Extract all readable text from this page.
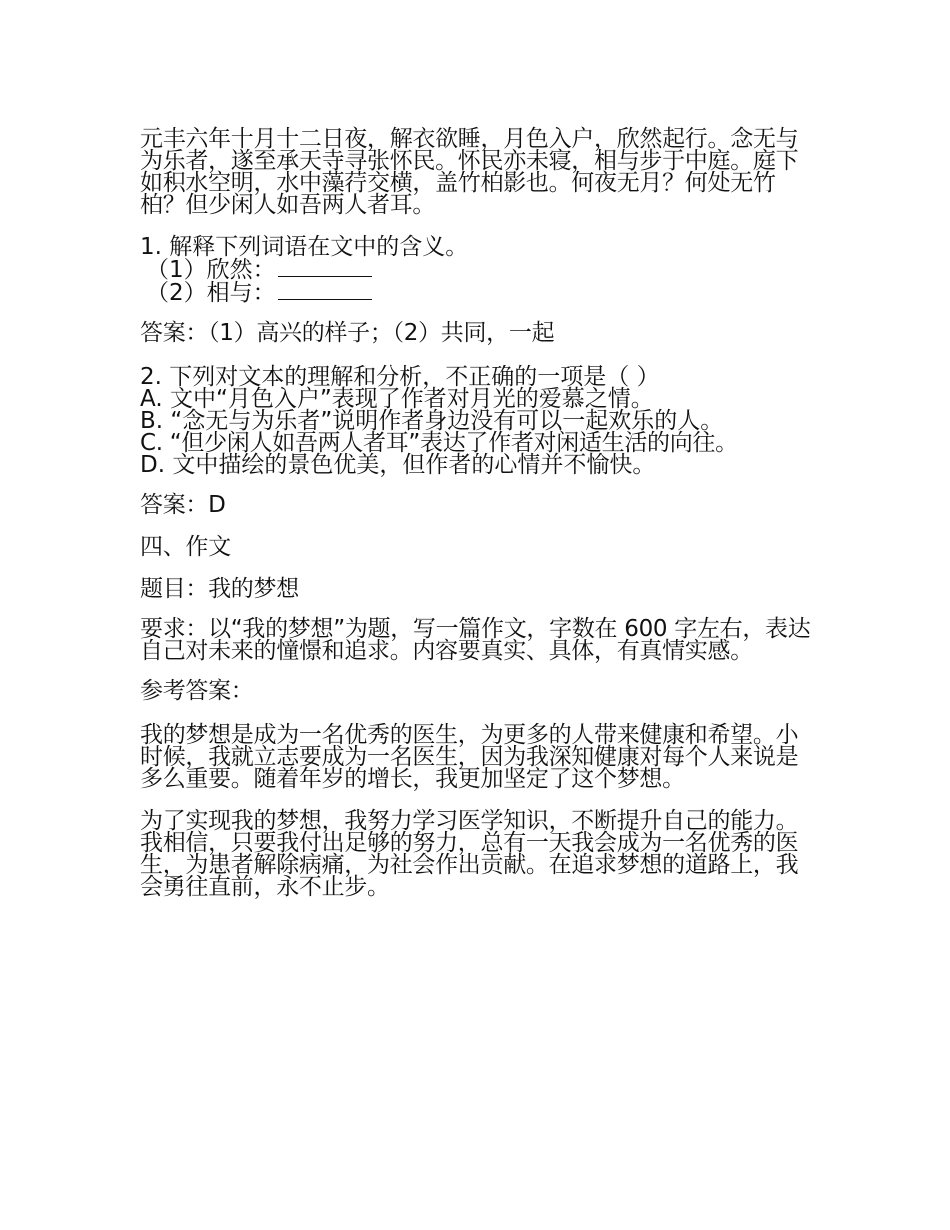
元丰六年十月十二日夜，解衣欲睡，月色入户，欣然起行。念无与为乐者，遂至承天寺寻张怀民。怀民亦未寝，相与步于中庭。庭下如积水空明，水中藻荇交横，盖竹柏影也。何夜无月？何处无竹柏？但少闲人如吾两人者耳。

1. 解释下列词语在文中的含义。
（1）欣然：
（2）相与：

答案：（1）高兴的样子；（2）共同，一起

2. 下列对文本的理解和分析，不正确的一项是（ ）
A. 文中“月色入户”表现了作者对月光的爱慕之情。
B. “念无与为乐者”说明作者身边没有可以一起欢乐的人。

C. “但少闲人如吾两人者耳”表达了作者对闲适生活的向往。

D. 文中描绘的景色优美，但作者的心情并不愉快。

答案：D

四、作文

题目：我的梦想

要求：以“我的梦想”为题，写一篇作文，字数在 600 字左右，表达自己对未来的憧憬和追求。内容要真实、具体，有真情实感。

参考答案：

我的梦想是成为一名优秀的医生，为更多的人带来健康和希望。小时候，我就立志要成为一名医生，因为我深知健康对每个人来说是多么重要。随着年岁的增长，我更加坚定了这个梦想。

为了实现我的梦想，我努力学习医学知识，不断提升自己的能力。我相信，只要我付出足够的努力，总有一天我会成为一名优秀的医生，为患者解除病痛，为社会作出贡献。在追求梦想的道路上，我会勇往直前，永不止步。
